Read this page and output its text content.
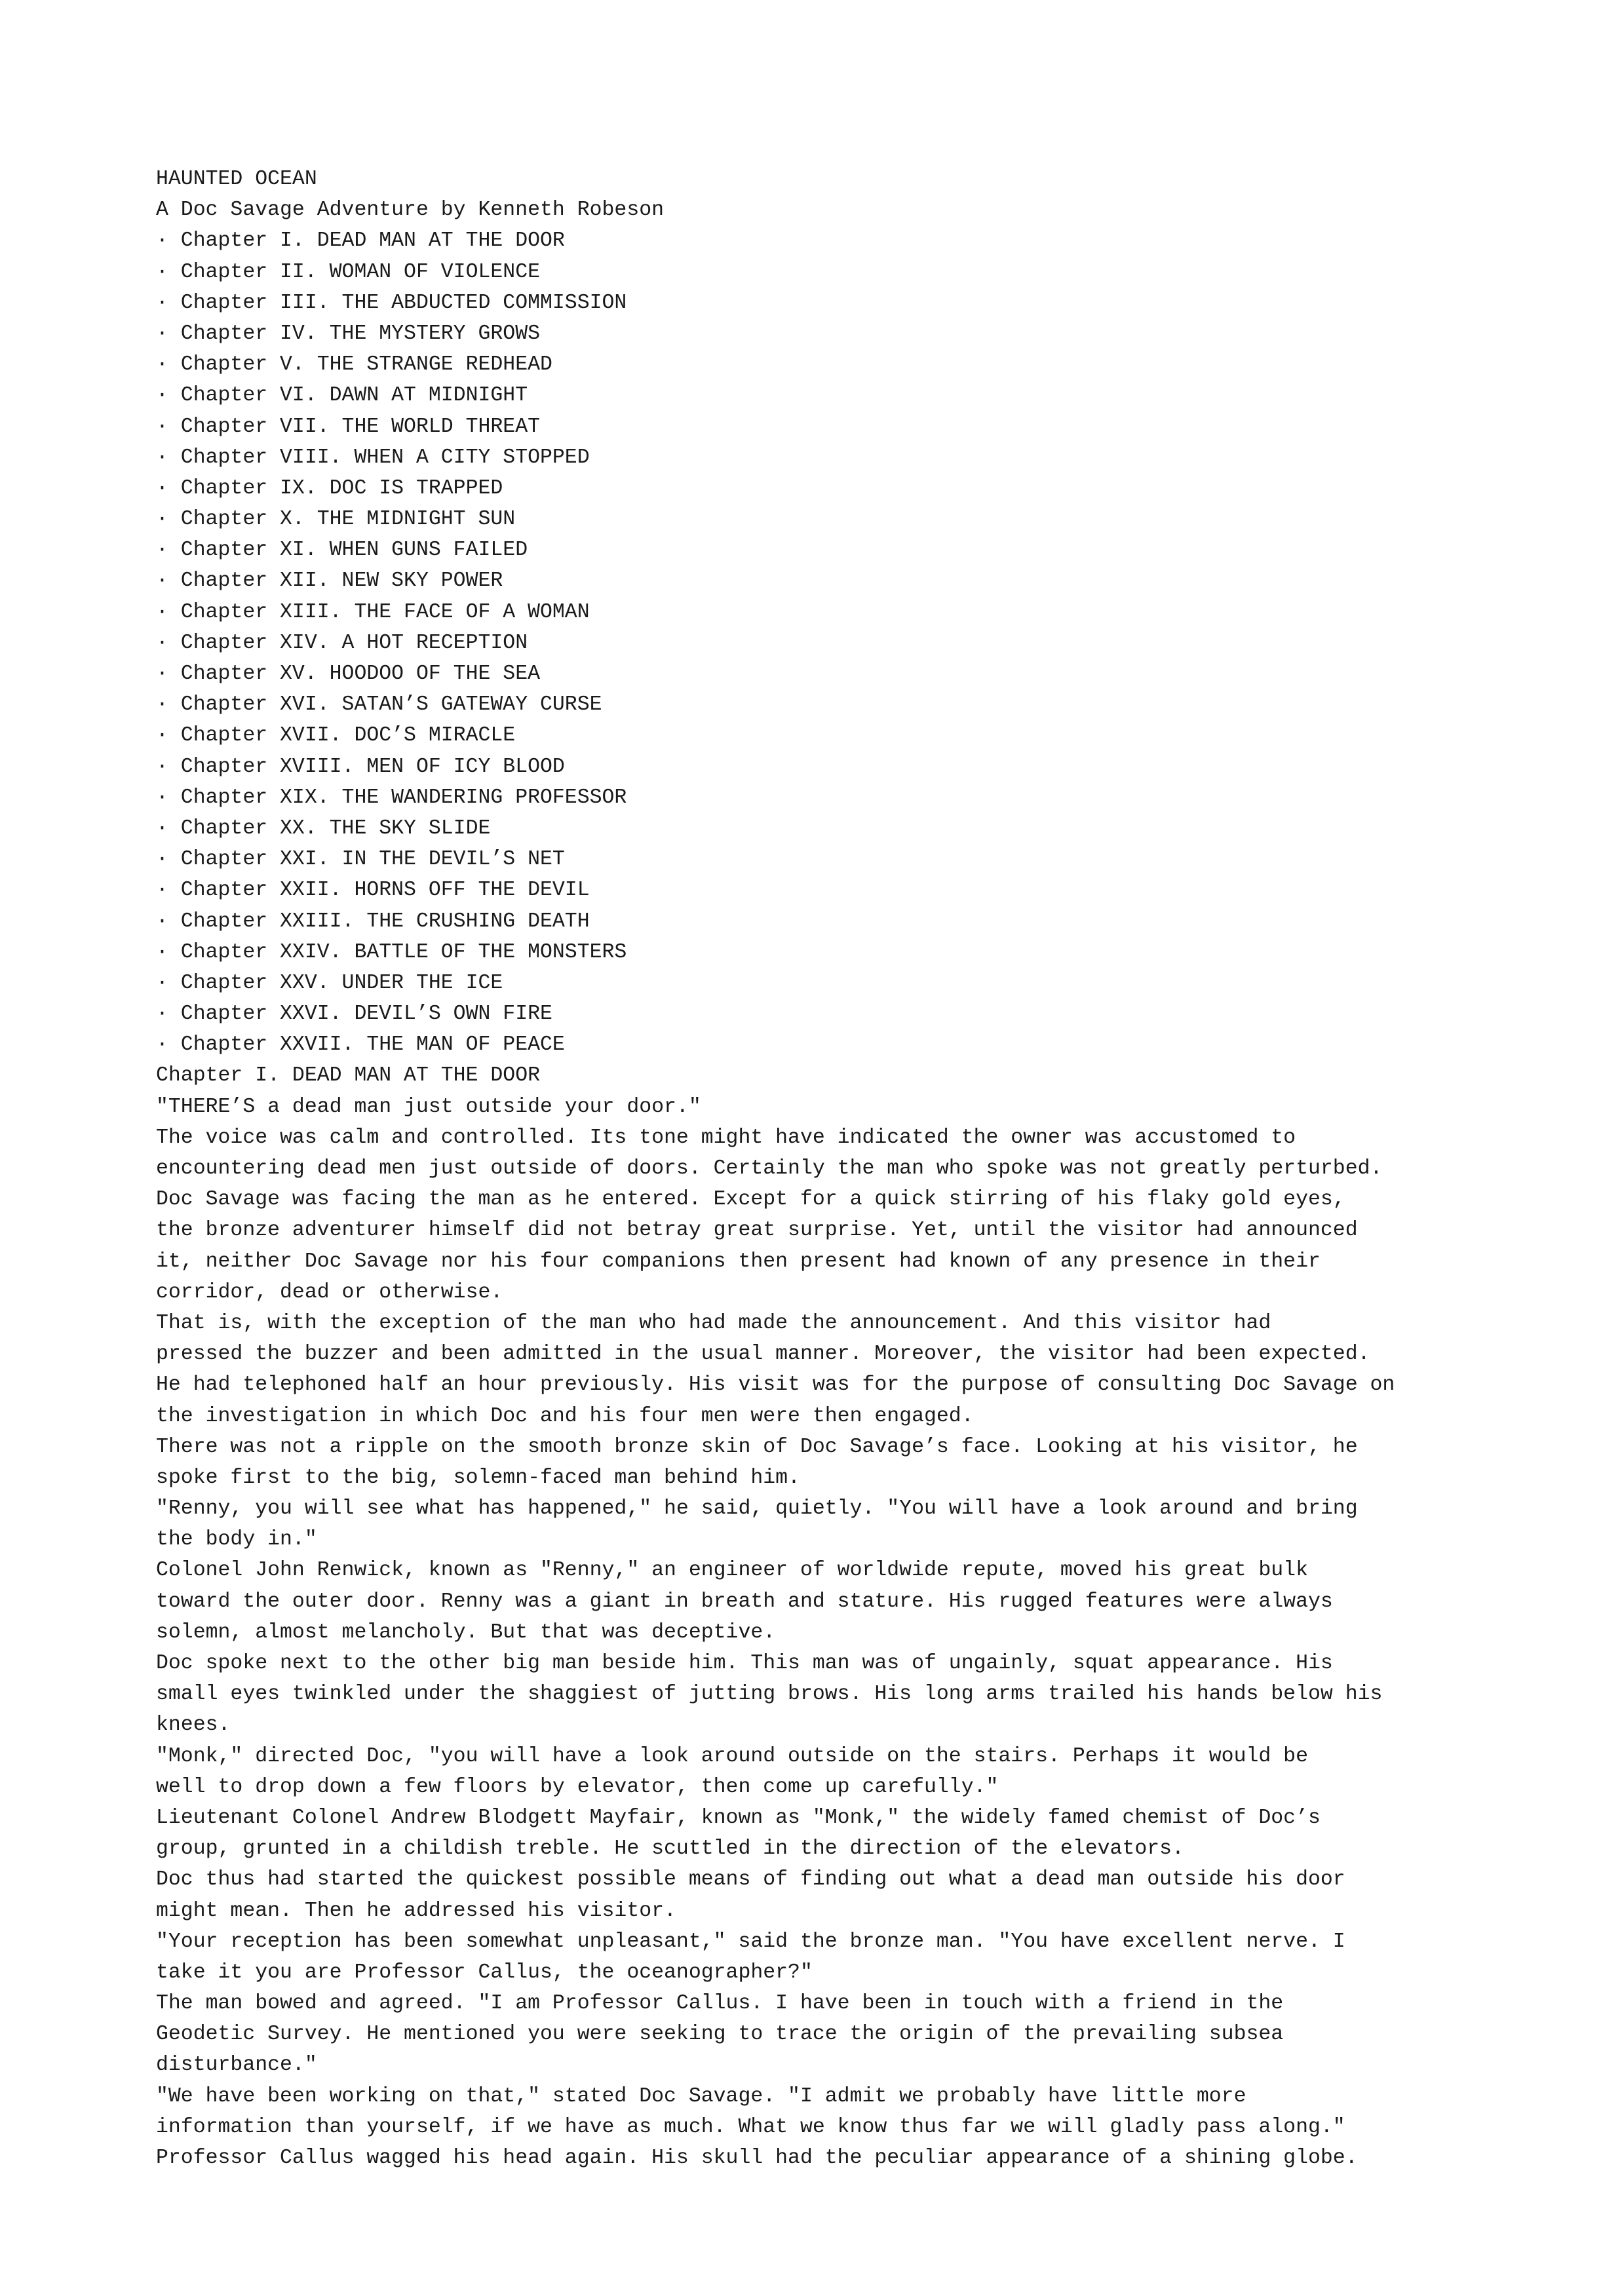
HAUNTED OCEAN
A Doc Savage Adventure by Kenneth Robeson
· Chapter I. DEAD MAN AT THE DOOR
· Chapter II. WOMAN OF VIOLENCE
· Chapter III. THE ABDUCTED COMMISSION
· Chapter IV. THE MYSTERY GROWS
· Chapter V. THE STRANGE REDHEAD
· Chapter VI. DAWN AT MIDNIGHT
· Chapter VII. THE WORLD THREAT
· Chapter VIII. WHEN A CITY STOPPED
· Chapter IX. DOC IS TRAPPED
· Chapter X. THE MIDNIGHT SUN
· Chapter XI. WHEN GUNS FAILED
· Chapter XII. NEW SKY POWER
· Chapter XIII. THE FACE OF A WOMAN
· Chapter XIV. A HOT RECEPTION
· Chapter XV. HOODOO OF THE SEA
· Chapter XVI. SATAN’S GATEWAY CURSE
· Chapter XVII. DOC’S MIRACLE
· Chapter XVIII. MEN OF ICY BLOOD
· Chapter XIX. THE WANDERING PROFESSOR
· Chapter XX. THE SKY SLIDE
· Chapter XXI. IN THE DEVIL’S NET
· Chapter XXII. HORNS OFF THE DEVIL
· Chapter XXIII. THE CRUSHING DEATH
· Chapter XXIV. BATTLE OF THE MONSTERS
· Chapter XXV. UNDER THE ICE
· Chapter XXVI. DEVIL’S OWN FIRE
· Chapter XXVII. THE MAN OF PEACE
Chapter I. DEAD MAN AT THE DOOR
"THERE’S a dead man just outside your door."
The voice was calm and controlled. Its tone might have indicated the owner was accustomed to
encountering dead men just outside of doors. Certainly the man who spoke was not greatly perturbed.
Doc Savage was facing the man as he entered. Except for a quick stirring of his flaky gold eyes,
the bronze adventurer himself did not betray great surprise. Yet, until the visitor had announced
it, neither Doc Savage nor his four companions then present had known of any presence in their
corridor, dead or otherwise.
That is, with the exception of the man who had made the announcement. And this visitor had
pressed the buzzer and been admitted in the usual manner. Moreover, the visitor had been expected.
He had telephoned half an hour previously. His visit was for the purpose of consulting Doc Savage on
the investigation in which Doc and his four men were then engaged.
There was not a ripple on the smooth bronze skin of Doc Savage’s face. Looking at his visitor, he
spoke first to the big, solemn-faced man behind him.
"Renny, you will see what has happened," he said, quietly. "You will have a look around and bring
the body in."
Colonel John Renwick, known as "Renny," an engineer of worldwide repute, moved his great bulk
toward the outer door. Renny was a giant in breath and stature. His rugged features were always
solemn, almost melancholy. But that was deceptive.
Doc spoke next to the other big man beside him. This man was of ungainly, squat appearance. His
small eyes twinkled under the shaggiest of jutting brows. His long arms trailed his hands below his
knees.
"Monk," directed Doc, "you will have a look around outside on the stairs. Perhaps it would be
well to drop down a few floors by elevator, then come up carefully."
Lieutenant Colonel Andrew Blodgett Mayfair, known as "Monk," the widely famed chemist of Doc’s
group, grunted in a childish treble. He scuttled in the direction of the elevators.
Doc thus had started the quickest possible means of finding out what a dead man outside his door
might mean. Then he addressed his visitor.
"Your reception has been somewhat unpleasant," said the bronze man. "You have excellent nerve. I
take it you are Professor Callus, the oceanographer?"
The man bowed and agreed. "I am Professor Callus. I have been in touch with a friend in the
Geodetic Survey. He mentioned you were seeking to trace the origin of the prevailing subsea
disturbance."
"We have been working on that," stated Doc Savage. "I admit we probably have little more
information than yourself, if we have as much. What we know thus far we will gladly pass along."
Professor Callus wagged his head again. His skull had the peculiar appearance of a shining globe.
